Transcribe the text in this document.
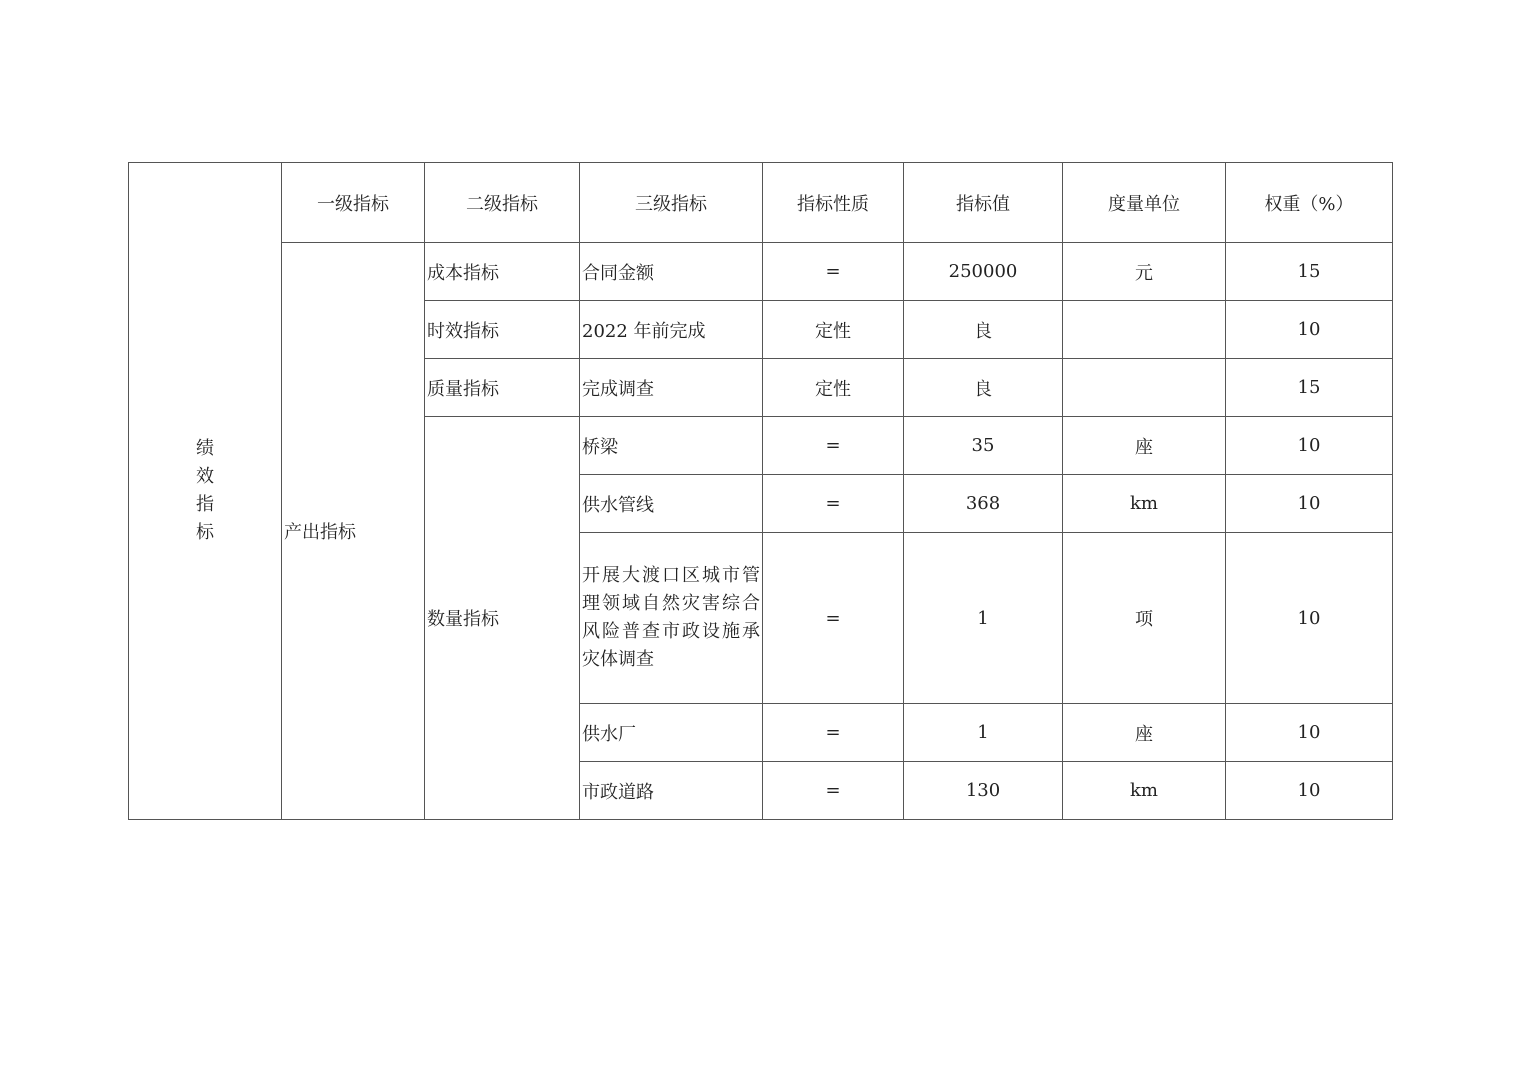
绩
效
指
标	一级指标	二级指标	三级指标	指标性质	指标值	度量单位	权重（%）
	产出指标	成本指标	合同金额	=	250000	元	15
		时效指标	2022 年前完成	定性	良		10
		质量指标	完成调查	定性	良		15
		数量指标	桥梁	=	35	座	10
			供水管线	=	368	km	10
			开展大渡口区城市管理领域自然灾害综合风险普查市政设施承灾体调查	=	1	项	10
			供水厂	=	1	座	10
			市政道路	=	130	km	10
